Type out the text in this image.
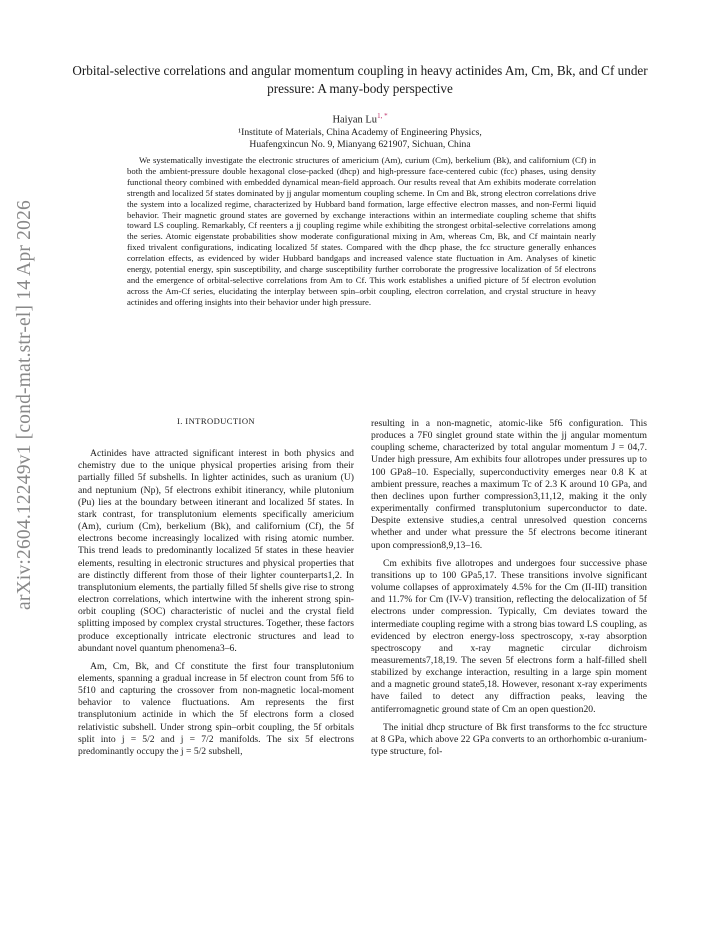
arXiv:2604.12249v1 [cond-mat.str-el] 14 Apr 2026
Orbital-selective correlations and angular momentum coupling in heavy actinides Am, Cm, Bk, and Cf under pressure: A many-body perspective
Haiyan $Lu^{1, *}$
¹Institute of Materials, China Academy of Engineering Physics,
Huafengxincun No. 9, Mianyang 621907, Sichuan, China
We systematically investigate the electronic structures of americium (Am), curium (Cm), berkelium (Bk), and californium (Cf) in both the ambient-pressure double hexagonal close-packed (dhcp) and high-pressure face-centered cubic (fcc) phases, using density functional theory combined with embedded dynamical mean-field approach. Our results reveal that Am exhibits moderate correlation strength and localized 5f states dominated by jj angular momentum coupling scheme. In Cm and Bk, strong electron correlations drive the system into a localized regime, characterized by Hubbard band formation, large effective electron masses, and non-Fermi liquid behavior. Their magnetic ground states are governed by exchange interactions within an intermediate coupling scheme that shifts toward LS coupling. Remarkably, Cf reenters a jj coupling regime while exhibiting the strongest orbital-selective correlations among the series. Atomic eigenstate probabilities show moderate configurational mixing in Am, whereas Cm, Bk, and Cf maintain nearly fixed trivalent configurations, indicating localized 5f states. Compared with the dhcp phase, the fcc structure generally enhances correlation effects, as evidenced by wider Hubbard bandgaps and increased valence state fluctuation in Am. Analyses of kinetic energy, potential energy, spin susceptibility, and charge susceptibility further corroborate the progressive localization of 5f electrons and the emergence of orbital-selective correlations from Am to Cf. This work establishes a unified picture of 5f electron evolution across the Am-Cf series, elucidating the interplay between spin–orbit coupling, electron correlation, and crystal structure in heavy actinides and offering insights into their behavior under high pressure.
I. INTRODUCTION

Actinides have attracted significant interest in both physics and chemistry due to the unique physical properties arising from their partially filled 5f subshells. In lighter actinides, such as uranium (U) and neptunium (Np), 5f electrons exhibit itinerancy, while plutonium (Pu) lies at the boundary between itinerant and localized 5f states. In stark contrast, for transplutonium elements specifically americium (Am), curium (Cm), berkelium (Bk), and californium (Cf), the 5f electrons become increasingly localized with rising atomic number. This trend leads to predominantly localized 5f states in these heavier elements, resulting in electronic structures and physical properties that are distinctly different from those of their lighter counterparts1,2. In transplutonium elements, the partially filled 5f shells give rise to strong electron correlations, which intertwine with the inherent strong spin-orbit coupling (SOC) characteristic of nuclei and the crystal field splitting imposed by complex crystal structures. Together, these factors produce exceptionally intricate electronic structures and lead to abundant novel quantum phenomena3–6.

Am, Cm, Bk, and Cf constitute the first four transplutonium elements, spanning a gradual increase in 5f electron count from 5f6 to 5f10 and capturing the crossover from non-magnetic local-moment behavior to valence fluctuations. Am represents the first transplutonium actinide in which the 5f electrons form a closed relativistic subshell. Under strong spin–orbit coupling, the 5f orbitals split into j = 5/2 and j = 7/2 manifolds. The six 5f electrons predominantly occupy the j = 5/2 subshell,

resulting in a non-magnetic, atomic-like 5f6 configuration. This produces a 7F0 singlet ground state within the jj angular momentum coupling scheme, characterized by total angular momentum J = 04,7. Under high pressure, Am exhibits four allotropes under pressures up to 100 GPa8–10. Especially, superconductivity emerges near 0.8 K at ambient pressure, reaches a maximum Tc of 2.3 K around 10 GPa, and then declines upon further compression3,11,12, making it the only experimentally confirmed transplutonium superconductor to date. Despite extensive studies,a central unresolved question concerns whether and under what pressure the 5f electrons become itinerant upon compression8,9,13–16.

Cm exhibits five allotropes and undergoes four successive phase transitions up to 100 GPa5,17. These transitions involve significant volume collapses of approximately 4.5% for the Cm (II-III) transition and 11.7% for Cm (IV-V) transition, reflecting the delocalization of 5f electrons under compression. Typically, Cm deviates toward the intermediate coupling regime with a strong bias toward LS coupling, as evidenced by electron energy-loss spectroscopy, x-ray absorption spectroscopy and x-ray magnetic circular dichroism measurements7,18,19. The seven 5f electrons form a half-filled shell stabilized by exchange interaction, resulting in a large spin moment and a magnetic ground state5,18. However, resonant x-ray experiments have failed to detect any diffraction peaks, leaving the antiferromagnetic ground state of Cm an open question20.

The initial dhcp structure of Bk first transforms to the fcc structure at 8 GPa, which above 22 GPa converts to an orthorhombic α-uranium-type structure, fol-
